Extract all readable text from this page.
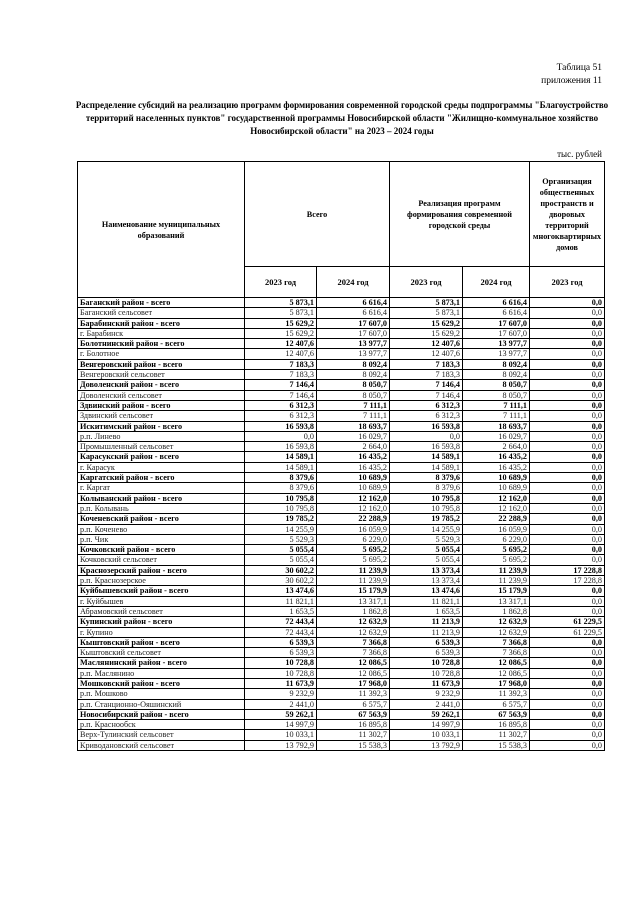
Таблица 51
приложения 11
Распределение субсидий на реализацию программ формирования современной городской среды подпрограммы "Благоустройство территорий населенных пунктов" государственной программы Новосибирской области "Жилищно-коммунальное хозяйство Новосибирской области" на 2023 – 2024 годы
тыс. рублей
Наименование муниципальных образований	Всего		Реализация программ формирования современной городской среды		Организация общественных пространств и дворовых территорий многоквартирных домов
	2023 год	2024 год	2023 год	2024 год	2023 год
Баганский район - всего	5 873,1	6 616,4	5 873,1	6 616,4	0,0
Баганский сельсовет	5 873,1	6 616,4	5 873,1	6 616,4	0,0
Барабинский район - всего	15 629,2	17 607,0	15 629,2	17 607,0	0,0
г. Барабинск	15 629,2	17 607,0	15 629,2	17 607,0	0,0
Болотнинский район - всего	12 407,6	13 977,7	12 407,6	13 977,7	0,0
г. Болотное	12 407,6	13 977,7	12 407,6	13 977,7	0,0
Венгеровский район - всего	7 183,3	8 092,4	7 183,3	8 092,4	0,0
Венгеровский сельсовет	7 183,3	8 092,4	7 183,3	8 092,4	0,0
Доволенский район - всего	7 146,4	8 050,7	7 146,4	8 050,7	0,0
Доволенский сельсовет	7 146,4	8 050,7	7 146,4	8 050,7	0,0
Здвинский район - всего	6 312,3	7 111,1	6 312,3	7 111,1	0,0
Здвинский сельсовет	6 312,3	7 111,1	6 312,3	7 111,1	0,0
Искитимский район - всего	16 593,8	18 693,7	16 593,8	18 693,7	0,0
р.п. Линево	0,0	16 029,7	0,0	16 029,7	0,0
Промышленный сельсовет	16 593,8	2 664,0	16 593,8	2 664,0	0,0
Карасукский район - всего	14 589,1	16 435,2	14 589,1	16 435,2	0,0
г. Карасук	14 589,1	16 435,2	14 589,1	16 435,2	0,0
Каргатский район - всего	8 379,6	10 689,9	8 379,6	10 689,9	0,0
г. Каргат	8 379,6	10 689,9	8 379,6	10 689,9	0,0
Колыванский район - всего	10 795,8	12 162,0	10 795,8	12 162,0	0,0
р.п. Колывань	10 795,8	12 162,0	10 795,8	12 162,0	0,0
Коченевский район - всего	19 785,2	22 288,9	19 785,2	22 288,9	0,0
р.п. Коченево	14 255,9	16 059,9	14 255,9	16 059,9	0,0
р.п. Чик	5 529,3	6 229,0	5 529,3	6 229,0	0,0
Кочковский район - всего	5 055,4	5 695,2	5 055,4	5 695,2	0,0
Кочковский сельсовет	5 055,4	5 695,2	5 055,4	5 695,2	0,0
Краснозерский район - всего	30 602,2	11 239,9	13 373,4	11 239,9	17 228,8
р.п. Краснозерское	30 602,2	11 239,9	13 373,4	11 239,9	17 228,8
Куйбышевский район - всего	13 474,6	15 179,9	13 474,6	15 179,9	0,0
г. Куйбышев	11 821,1	13 317,1	11 821,1	13 317,1	0,0
Абрамовский сельсовет	1 653,5	1 862,8	1 653,5	1 862,8	0,0
Купинский район - всего	72 443,4	12 632,9	11 213,9	12 632,9	61 229,5
г. Купино	72 443,4	12 632,9	11 213,9	12 632,9	61 229,5
Кыштовский район - всего	6 539,3	7 366,8	6 539,3	7 366,8	0,0
Кыштовский сельсовет	6 539,3	7 366,8	6 539,3	7 366,8	0,0
Маслянинский район - всего	10 728,8	12 086,5	10 728,8	12 086,5	0,0
р.п. Маслянино	10 728,8	12 086,5	10 728,8	12 086,5	0,0
Мошковский район - всего	11 673,9	17 968,0	11 673,9	17 968,0	0,0
р.п. Мошково	9 232,9	11 392,3	9 232,9	11 392,3	0,0
р.п. Станционно-Ояшинский	2 441,0	6 575,7	2 441,0	6 575,7	0,0
Новосибирский район - всего	59 262,1	67 563,9	59 262,1	67 563,9	0,0
р.п. Краснообск	14 997,9	16 895,8	14 997,9	16 895,8	0,0
Верх-Тулинский сельсовет	10 033,1	11 302,7	10 033,1	11 302,7	0,0
Криводановский сельсовет	13 792,9	15 538,3	13 792,9	15 538,3	0,0
